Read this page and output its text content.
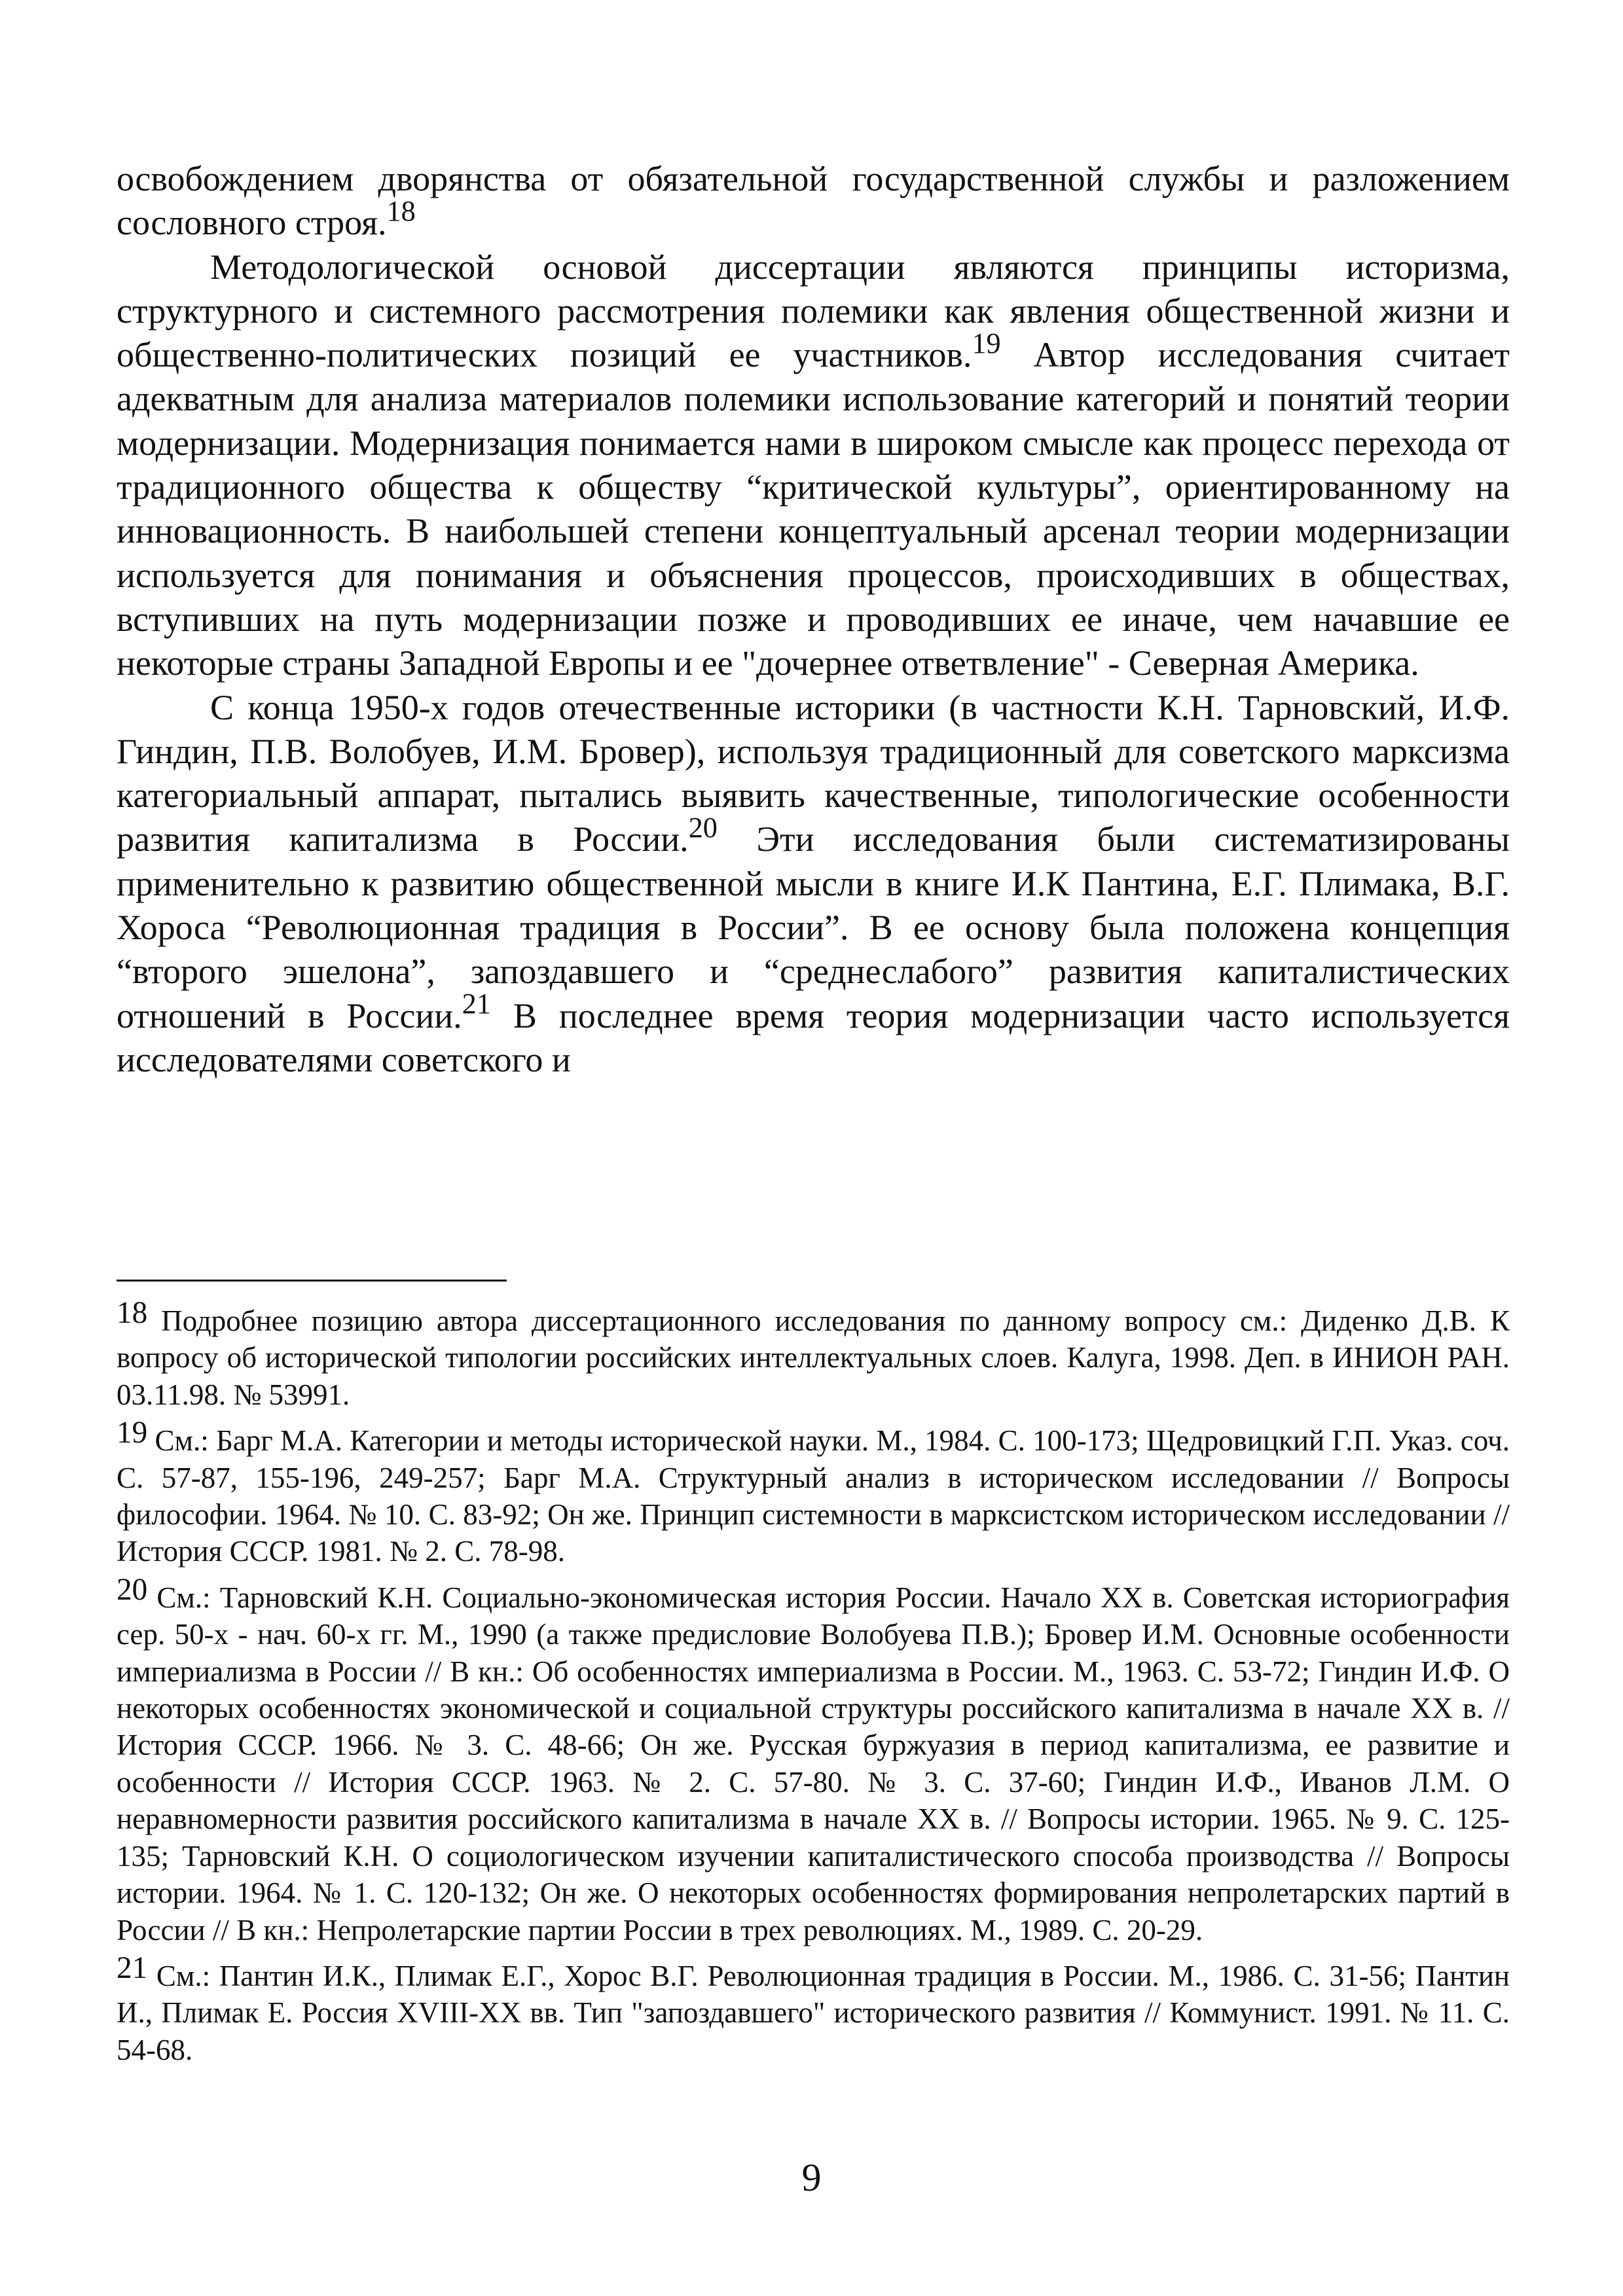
освобождением дворянства от обязательной государственной службы и разложением сословного строя.$^{18}$

Методологической основой диссертации являются принципы историзма, структурного и системного рассмотрения полемики как явления общественной жизни и общественно-политических позиций ее участников.$^{19}$ Автор исследования считает адекватным для анализа материалов полемики использование категорий и понятий теории модернизации. Модернизация понимается нами в широком смысле как процесс перехода от традиционного общества к обществу “критической культуры”, ориентированному на инновационность. В наибольшей степени концептуальный арсенал теории модернизации используется для понимания и объяснения процессов, происходивших в обществах, вступивших на путь модернизации позже и проводивших ее иначе, чем начавшие ее некоторые страны Западной Европы и ее "дочернее ответвление" - Северная Америка.

С конца 1950-х годов отечественные историки (в частности К.Н. Тарновский, И.Ф. Гиндин, П.В. Волобуев, И.М. Бровер), используя традиционный для советского марксизма категориальный аппарат, пытались выявить качественные, типологические особенности развития капитализма в России.$^{20}$ Эти исследования были систематизированы применительно к развитию общественной мысли в книге И.К Пантина, Е.Г. Плимака, В.Г. Хороса “Революционная традиция в России”. В ее основу была положена концепция “второго эшелона”, запоздавшего и “среднеслабого” развития капиталистических отношений в России.$^{21}$ В последнее время теория модернизации часто используется исследователями советского и

18 Подробнее позицию автора диссертационного исследования по данному вопросу см.: Диденко Д.В. К вопросу об исторической типологии российских интеллектуальных слоев. Калуга, 1998. Деп. в ИНИОН РАН. 03.11.98. № 53991.

19 См.: Барг М.А. Категории и методы исторической науки. М., 1984. С. 100-173; Щедровицкий Г.П. Указ. соч. С. 57-87, 155-196, 249-257; Барг М.А. Структурный анализ в историческом исследовании // Вопросы философии. 1964. № 10. С. 83-92; Он же. Принцип системности в марксистском историческом исследовании // История СССР. 1981. № 2. С. 78-98.

20 См.: Тарновский К.Н. Социально-экономическая история России. Начало XX в. Советская историография сер. 50-х - нач. 60-х гг. М., 1990 (а также предисловие Волобуева П.В.); Бровер И.М. Основные особенности империализма в России // В кн.: Об особенностях империализма в России. М., 1963. С. 53-72; Гиндин И.Ф. О некоторых особенностях экономической и социальной структуры российского капитализма в начале XX в. // История СССР. 1966. № 3. С. 48-66; Он же. Русская буржуазия в период капитализма, ее развитие и особенности // История СССР. 1963. № 2. С. 57-80. № 3. С. 37-60; Гиндин И.Ф., Иванов Л.М. О неравномерности развития российского капитализма в начале XX в. // Вопросы истории. 1965. № 9. С. 125-135; Тарновский К.Н. О социологическом изучении капиталистического способа производства // Вопросы истории. 1964. № 1. С. 120-132; Он же. О некоторых особенностях формирования непролетарских партий в России // В кн.: Непролетарские партии России в трех революциях. М., 1989. С. 20-29.

21 См.: Пантин И.К., Плимак Е.Г., Хорос В.Г. Революционная традиция в России. М., 1986. С. 31-56; Пантин И., Плимак Е. Россия XVIII-XX вв. Тип "запоздавшего" исторического развития // Коммунист. 1991. № 11. С. 54-68.

9
